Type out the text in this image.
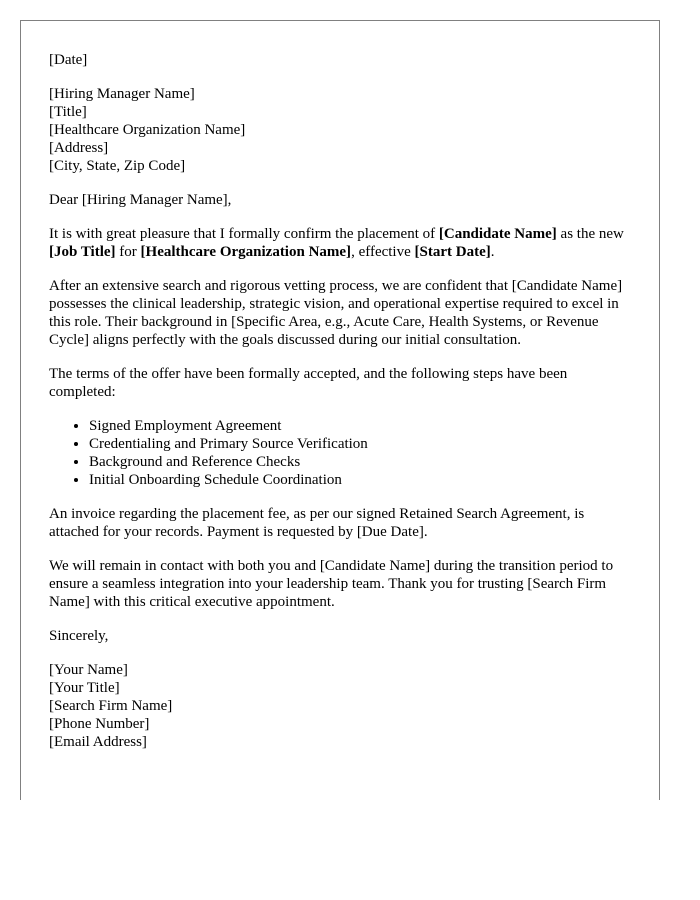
[Date]

[Hiring Manager Name]
[Title]
[Healthcare Organization Name]
[Address]
[City, State, Zip Code]

Dear [Hiring Manager Name],

It is with great pleasure that I formally confirm the placement of [Candidate Name] as the new [Job Title] for [Healthcare Organization Name], effective [Start Date].

After an extensive search and rigorous vetting process, we are confident that [Candidate Name] possesses the clinical leadership, strategic vision, and operational expertise required to excel in this role. Their background in [Specific Area, e.g., Acute Care, Health Systems, or Revenue Cycle] aligns perfectly with the goals discussed during our initial consultation.

The terms of the offer have been formally accepted, and the following steps have been completed:

• Signed Employment Agreement
• Credentialing and Primary Source Verification
• Background and Reference Checks
• Initial Onboarding Schedule Coordination

An invoice regarding the placement fee, as per our signed Retained Search Agreement, is attached for your records. Payment is requested by [Due Date].

We will remain in contact with both you and [Candidate Name] during the transition period to ensure a seamless integration into your leadership team. Thank you for trusting [Search Firm Name] with this critical executive appointment.

Sincerely,

[Your Name]
[Your Title]
[Search Firm Name]
[Phone Number]
[Email Address]
